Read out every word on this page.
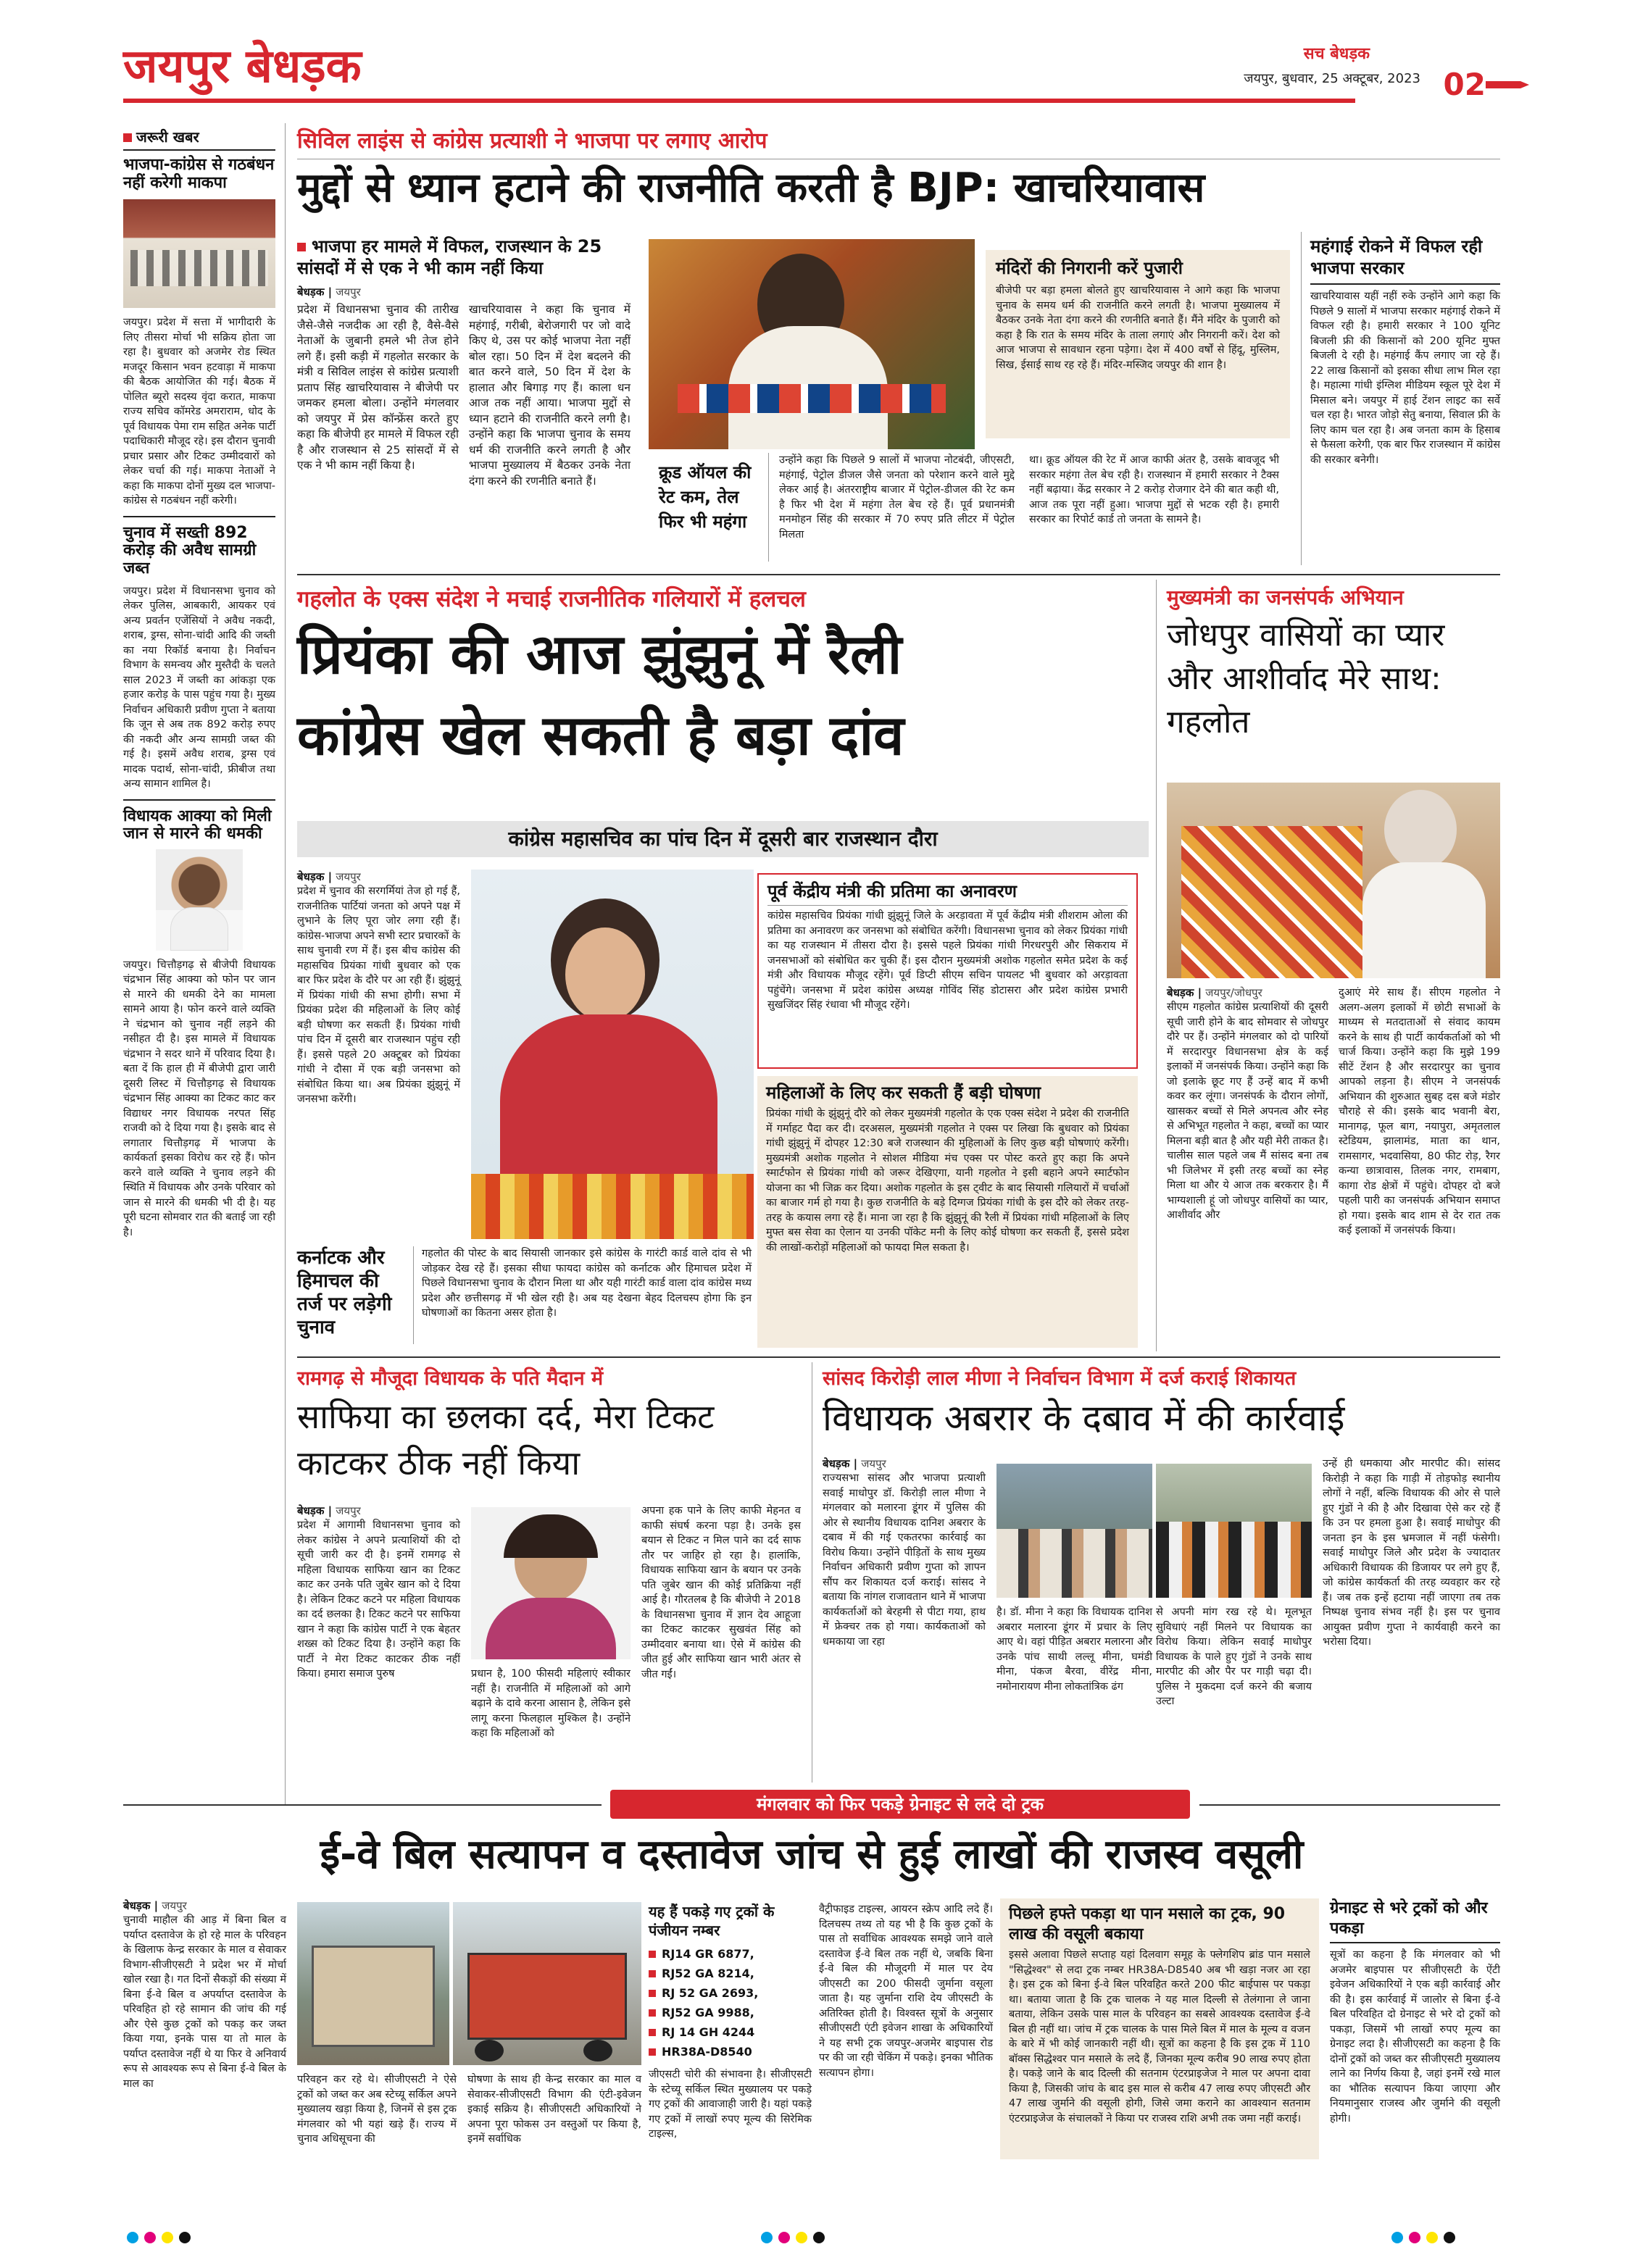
जयपुर बेधड़क	सच बेधड़क
जयपुर, बुधवार, 25 अक्टूबर, 2023 02
जरूरी खबर
भाजपा-कांग्रेस से गठबंधन नहीं करेगी माकपा
जयपुर। प्रदेश में सत्ता में भागीदारी के लिए तीसरा मोर्चा भी सक्रिय होता जा रहा है। बुधवार को अजमेर रोड स्थित मजदूर किसान भवन हटवाड़ा में माकपा की बैठक आयोजित की गई। बैठक में पोलित ब्यूरो सदस्य वृंदा करात, माकपा राज्य सचिव कॉमरेड अमराराम, धोद के पूर्व विधायक पेमा राम सहित अनेक पार्टी पदाधिकारी मौजूद रहे। इस दौरान चुनावी प्रचार प्रसार और टिकट उम्मीदवारों को लेकर चर्चा की गई। माकपा नेताओं ने कहा कि माकपा दोनों मुख्य दल भाजपा-कांग्रेस से गठबंधन नहीं करेगी।
चुनाव में सख्ती 892 करोड़ की अवैध सामग्री जब्त
जयपुर। प्रदेश में विधानसभा चुनाव को लेकर पुलिस, आबकारी, आयकर एवं अन्य प्रवर्तन एजेंसियों ने अवैध नकदी, शराब, ड्रग्स, सोना-चांदी आदि की जब्ती का नया रिकॉर्ड बनाया है। निर्वाचन विभाग के समन्वय और मुस्तैदी के चलते साल 2023 में जब्ती का आंकड़ा एक हजार करोड़ के पास पहुंच गया है। मुख्य निर्वाचन अधिकारी प्रवीण गुप्ता ने बताया कि जून से अब तक 892 करोड़ रुपए की नकदी और अन्य सामग्री जब्त की गई है। इसमें अवैध शराब, ड्रग्स एवं मादक पदार्थ, सोना-चांदी, फ्रीबीज तथा अन्य सामान शामिल है।
विधायक आक्या को मिली जान से मारने की धमकी
जयपुर। चित्तौड़गढ़ से बीजेपी विधायक चंद्रभान सिंह आक्या को फोन पर जान से मारने की धमकी देने का मामला सामने आया है। फोन करने वाले व्यक्ति ने चंद्रभान को चुनाव नहीं लड़ने की नसीहत दी है। इस मामले में विधायक चंद्रभान ने सदर थाने में परिवाद दिया है। बता दें कि हाल ही में बीजेपी द्वारा जारी दूसरी लिस्ट में चित्तौड़गढ़ से विधायक चंद्रभान सिंह आक्या का टिकट काट कर विद्याधर नगर विधायक नरपत सिंह राजवी को दे दिया गया है। इसके बाद से लगातार चित्तौड़गढ़ में भाजपा के कार्यकर्ता इसका विरोध कर रहे हैं। फोन करने वाले व्यक्ति ने चुनाव लड़ने की स्थिति में विधायक और उनके परिवार को जान से मारने की धमकी भी दी है। यह पूरी घटना सोमवार रात की बताई जा रही है।
सिविल लाइंस से कांग्रेस प्रत्याशी ने भाजपा पर लगाए आरोप
मुद्दों से ध्यान हटाने की राजनीति करती है BJP: खाचरियावास
भाजपा हर मामले में विफल, राजस्थान के 25 सांसदों में से एक ने भी काम नहीं किया
बेधड़क | जयपुर
प्रदेश में विधानसभा चुनाव की तारीख जैसे-जैसे नजदीक आ रही है, वैसे-वैसे नेताओं के जुबानी हमले भी तेज होने लगे हैं। इसी कड़ी में गहलोत सरकार के मंत्री व सिविल लाइंस से कांग्रेस प्रत्याशी प्रताप सिंह खाचरियावास ने बीजेपी पर जमकर हमला बोला। उन्होंने मंगलवार को जयपुर में प्रेस कॉन्फ्रेंस करते हुए कहा कि बीजेपी हर मामले में विफल रही है और राजस्थान से 25 सांसदों में से एक ने भी काम नहीं किया है।
खाचरियावास ने कहा कि चुनाव में महंगाई, गरीबी, बेरोजगारी पर जो वादे किए थे, उस पर कोई भाजपा नेता नहीं बोल रहा। 50 दिन में देश बदलने की बात करने वाले, 50 दिन में देश के हालात और बिगाड़ गए हैं। काला धन आज तक नहीं आया। भाजपा मुद्दों से ध्यान हटाने की राजनीति करने लगी है। उन्होंने कहा कि भाजपा चुनाव के समय धर्म की राजनीति करने लगती है और भाजपा मुख्यालय में बैठकर उनके नेता दंगा करने की रणनीति बनाते हैं।	क्रूड ऑयल की रेट कम, तेल फिर भी महंगा
उन्होंने कहा कि पिछले 9 सालों में भाजपा नोटबंदी, जीएसटी, महंगाई, पेट्रोल डीजल जैसे जनता को परेशान करने वाले मुद्दे लेकर आई है। अंतरराष्ट्रीय बाजार में पेट्रोल-डीजल की रेट कम है फिर भी देश में महंगा तेल बेच रहे हैं। पूर्व प्रधानमंत्री मनमोहन सिंह की सरकार में 70 रुपए प्रति लीटर में पेट्रोल मिलता
था। क्रूड ऑयल की रेट में आज काफी अंतर है, उसके बावजूद भी सरकार महंगा तेल बेच रही है। राजस्थान में हमारी सरकार ने टैक्स नहीं बढ़ाया। केंद्र सरकार ने 2 करोड़ रोजगार देने की बात कही थी, आज तक पूरा नहीं हुआ। भाजपा मुद्दों से भटक रही है। हमारी सरकार का रिपोर्ट कार्ड तो जनता के सामने है।
मंदिरों की निगरानी करें पुजारी
बीजेपी पर बड़ा हमला बोलते हुए खाचरियावास ने आगे कहा कि भाजपा चुनाव के समय धर्म की राजनीति करने लगती है। भाजपा मुख्यालय में बैठकर उनके नेता दंगा करने की रणनीति बनाते हैं। मैंने मंदिर के पुजारी को कहा है कि रात के समय मंदिर के ताला लगाएं और निगरानी करें। देश को आज भाजपा से सावधान रहना पड़ेगा। देश में 400 वर्षों से हिंदू, मुस्लिम, सिख, ईसाई साथ रह रहे हैं। मंदिर-मस्जिद जयपुर की शान है।
महंगाई रोकने में विफल रही भाजपा सरकार
खाचरियावास यहीं नहीं रुके उन्होंने आगे कहा कि पिछले 9 सालों में भाजपा सरकार महंगाई रोकने में विफल रही है। हमारी सरकार ने 100 यूनिट बिजली फ्री की किसानों को 200 यूनिट मुफ्त बिजली दे रही है। महंगाई कैंप लगाए जा रहे हैं। 22 लाख किसानों को इसका सीधा लाभ मिल रहा है। महात्मा गांधी इंग्लिश मीडियम स्कूल पूरे देश में मिसाल बने। जयपुर में हाई टेंशन लाइट का सर्वे चल रहा है। भारत जोड़ो सेतु बनाया, सिवाल फ्री के लिए काम चल रहा है। अब जनता काम के हिसाब से फैसला करेगी, एक बार फिर राजस्थान में कांग्रेस की सरकार बनेगी।
गहलोत के एक्स संदेश ने मचाई राजनीतिक गलियारों में हलचल
प्रियंका की आज झुंझुनूं में रैली
कांग्रेस खेल सकती है बड़ा दांव
कांग्रेस महासचिव का पांच दिन में दूसरी बार राजस्थान दौरा
बेधड़क | जयपुर
प्रदेश में चुनाव की सरगर्मियां तेज हो गई हैं, राजनीतिक पार्टियां जनता को अपने पक्ष में लुभाने के लिए पूरा जोर लगा रही हैं। कांग्रेस-भाजपा अपने सभी स्टार प्रचारकों के साथ चुनावी रण में हैं। इस बीच कांग्रेस की महासचिव प्रियंका गांधी बुधवार को एक बार फिर प्रदेश के दौरे पर आ रही हैं। झुंझुनूं में प्रियंका गांधी की सभा होगी। सभा में प्रियंका प्रदेश की महिलाओं के लिए कोई बड़ी घोषणा कर सकती हैं। प्रियंका गांधी पांच दिन में दूसरी बार राजस्थान पहुंच रही हैं। इससे पहले 20 अक्टूबर को प्रियंका गांधी ने दौसा में एक बड़ी जनसभा को संबोधित किया था। अब प्रियंका झुंझुनूं में जनसभा करेंगी।
पूर्व केंद्रीय मंत्री की प्रतिमा का अनावरण
कांग्रेस महासचिव प्रियंका गांधी झुंझुनूं जिले के अरड़ावता में पूर्व केंद्रीय मंत्री शीशराम ओला की प्रतिमा का अनावरण कर जनसभा को संबोधित करेंगी। विधानसभा चुनाव को लेकर प्रियंका गांधी का यह राजस्थान में तीसरा दौरा है। इससे पहले प्रियंका गांधी गिरधरपुरी और सिकराय में जनसभाओं को संबोधित कर चुकी हैं। इस दौरान मुख्यमंत्री अशोक गहलोत समेत प्रदेश के कई मंत्री और विधायक मौजूद रहेंगे। पूर्व डिप्टी सीएम सचिन पायलट भी बुधवार को अरड़ावता पहुंचेंगे। जनसभा में प्रदेश कांग्रेस अध्यक्ष गोविंद सिंह डोटासरा और प्रदेश कांग्रेस प्रभारी सुखजिंदर सिंह रंधावा भी मौजूद रहेंगे।
महिलाओं के लिए कर सकती हैं बड़ी घोषणा
प्रियंका गांधी के झुंझुनूं दौरे को लेकर मुख्यमंत्री गहलोत के एक एक्स संदेश ने प्रदेश की राजनीति में गर्माहट पैदा कर दी। दरअसल, मुख्यमंत्री गहलोत ने एक्स पर लिखा कि बुधवार को प्रियंका गांधी झुंझुनूं में दोपहर 12:30 बजे राजस्थान की मुहिलाओं के लिए कुछ बड़ी घोषणाएं करेंगी। मुख्यमंत्री अशोक गहलोत ने सोशल मीडिया मंच एक्स पर पोस्ट करते हुए कहा कि अपने स्मार्टफोन से प्रियंका गांधी को जरूर देखिएगा, यानी गहलोत ने इसी बहाने अपने स्मार्टफोन योजना का भी जिक्र कर दिया। अशोक गहलोत के इस ट्वीट के बाद सियासी गलियारों में चर्चाओं का बाजार गर्म हो गया है। कुछ राजनीति के बड़े दिग्गज प्रियंका गांधी के इस दौरे को लेकर तरह-तरह के कयास लगा रहे हैं। माना जा रहा है कि झुंझुनूं की रैली में प्रियंका गांधी महिलाओं के लिए मुफ्त बस सेवा का ऐलान या उनकी पॉकेट मनी के लिए कोई घोषणा कर सकती हैं, इससे प्रदेश की लाखों-करोड़ों महिलाओं को फायदा मिल सकता है।
कर्नाटक और हिमाचल की तर्ज पर लड़ेगी चुनाव
गहलोत की पोस्ट के बाद सियासी जानकार इसे कांग्रेस के गारंटी कार्ड वाले दांव से भी जोड़कर देख रहे हैं। इसका सीधा फायदा कांग्रेस को कर्नाटक और हिमाचल प्रदेश में पिछले विधानसभा चुनाव के दौरान मिला था और यही गारंटी कार्ड वाला दांव कांग्रेस मध्य प्रदेश और छत्तीसगढ़ में भी खेल रही है। अब यह देखना बेहद दिलचस्प होगा कि इन घोषणाओं का कितना असर होता है।
मुख्यमंत्री का जनसंपर्क अभियान
जोधपुर वासियों का प्यार और आशीर्वाद मेरे साथ: गहलोत
बेधड़क | जयपुर/जोधपुर
सीएम गहलोत कांग्रेस प्रत्याशियों की दूसरी सूची जारी होने के बाद सोमवार से जोधपुर दौरे पर हैं। उन्होंने मंगलवार को दो पारियों में सरदारपुर विधानसभा क्षेत्र के कई इलाकों में जनसंपर्क किया। उन्होंने कहा कि जो इलाके छूट गए हैं उन्हें बाद में कभी कवर कर लूंगा। जनसंपर्क के दौरान लोगों, खासकर बच्चों से मिले अपनत्व और स्नेह से अभिभूत गहलोत ने कहा, बच्चों का प्यार मिलना बड़ी बात है और यही मेरी ताकत है। चालीस साल पहले जब मैं सांसद बना तब भी जिलेभर में इसी तरह बच्चों का स्नेह मिला था और ये आज तक बरकरार है। मैं भाग्यशाली हूं जो जोधपुर वासियों का प्यार, आशीर्वाद और
दुआएं मेरे साथ हैं। सीएम गहलोत ने अलग-अलग इलाकों में छोटी सभाओं के माध्यम से मतदाताओं से संवाद कायम करने के साथ ही पार्टी कार्यकर्ताओं को भी चार्ज किया। उन्होंने कहा कि मुझे 199 सीटें टेंशन है और सरदारपुर का चुनाव आपको लड़ना है। सीएम ने जनसंपर्क अभियान की शुरुआत सुबह दस बजे मंडोर चौराहे से की। इसके बाद भवानी बेरा, मानागढ़, फूल बाग, नयापुरा, अमृतलाल स्टेडियम, झालामंड, माता का थान, रामसागर, भदवासिया, 80 फीट रोड़, रैगर कन्या छात्रावास, तिलक नगर, रामबाग, कागा रोड क्षेत्रों में पहुंचे। दोपहर दो बजे पहली पारी का जनसंपर्क अभियान समाप्त हो गया। इसके बाद शाम से देर रात तक कई इलाकों में जनसंपर्क किया।
रामगढ़ से मौजूदा विधायक के पति मैदान में
साफिया का छलका दर्द, मेरा टिकट काटकर ठीक नहीं किया
बेधड़क | जयपुर
प्रदेश में आगामी विधानसभा चुनाव को लेकर कांग्रेस ने अपने प्रत्याशियों की दो सूची जारी कर दी है। इनमें रामगढ़ से महिला विधायक साफिया खान का टिकट काट कर उनके पति जुबेर खान को दे दिया है। लेकिन टिकट कटने पर महिला विधायक का दर्द छलका है। टिकट कटने पर साफिया खान ने कहा कि कांग्रेस पार्टी ने एक बेहतर शख्स को टिकट दिया है। उन्होंने कहा कि पार्टी ने मेरा टिकट काटकर ठीक नहीं किया। हमारा समाज पुरुष	प्रधान है, 100 फीसदी महिलाएं स्वीकार नहीं है। राजनीति में महिलाओं को आगे बढ़ाने के दावे करना आसान है, लेकिन इसे लागू करना फिलहाल मुश्किल है। उन्होंने कहा कि महिलाओं को
अपना हक पाने के लिए काफी मेहनत व काफी संघर्ष करना पड़ा है। उनके इस बयान से टिकट न मिल पाने का दर्द साफ तौर पर जाहिर हो रहा है। हालांकि, विधायक साफिया खान के बयान पर उनके पति जुबेर खान की कोई प्रतिक्रिया नहीं आई है। गौरतलब है कि बीजेपी ने 2018 के विधानसभा चुनाव में ज्ञान देव आहूजा का टिकट काटकर सुखवंत सिंह को उम्मीदवार बनाया था। ऐसे में कांग्रेस की जीत हुई और साफिया खान भारी अंतर से जीत गईं।
सांसद किरोड़ी लाल मीणा ने निर्वाचन विभाग में दर्ज कराई शिकायत
विधायक अबरार के दबाव में की कार्रवाई
बेधड़क | जयपुर
राज्यसभा सांसद और भाजपा प्रत्याशी सवाई माधोपुर डॉ. किरोड़ी लाल मीणा ने मंगलवार को मलारना डूंगर में पुलिस की ओर से स्थानीय विधायक दानिश अबरार के दबाव में की गई एकतरफा कार्रवाई का विरोध किया। उन्होंने पीड़ितों के साथ मुख्य निर्वाचन अधिकारी प्रवीण गुप्ता को ज्ञापन सौंप कर शिकायत दर्ज कराई। सांसद ने बताया कि नांगल राजावतान थाने में भाजपा कार्यकर्ताओं को बेरहमी से पीटा गया, हाथ में फ्रेक्चर तक हो गया। कार्यकताओं को धमकाया जा रहा
है। डॉ. मीना ने कहा कि विधायक दानिश अबरार मलारना डूंगर में प्रचार के लिए आए थे। वहां पीड़ित अबरार मलारना और उनके पांच साथी लल्लू मीना, घमंडी मीना, पंकज बैरवा, वीरेंद्र मीना, नमोनारायण मीना लोकतांत्रिक ढंग
से अपनी मांग रख रहे थे। मूलभूत सुविधाएं नहीं मिलने पर विधायक का विरोध किया। लेकिन सवाई माधोपुर विधायक के पाले हुए गुंडों ने उनके साथ मारपीट की और पैर पर गाड़ी चढ़ा दी। पुलिस ने मुकदमा दर्ज करने की बजाय उल्टा
उन्हें ही धमकाया और मारपीट की। सांसद किरोड़ी ने कहा कि गाड़ी में तोड़फोड़ स्थानीय लोगों ने नहीं, बल्कि विधायक की ओर से पाले हुए गुंडों ने की है और दिखावा ऐसे कर रहे हैं कि उन पर हमला हुआ है। सवाई माधोपुर की जनता इन के इस भ्रमजाल में नहीं फंसेगी। सवाई माधोपुर जिले और प्रदेश के ज्यादातर अधिकारी विधायक की डिजायर पर लगे हुए हैं, जो कांग्रेस कार्यकर्ता की तरह व्यवहार कर रहे हैं। जब तक इन्हें हटाया नहीं जाएगा तब तक निष्पक्ष चुनाव संभव नहीं है। इस पर चुनाव आयुक्त प्रवीण गुप्ता ने कार्यवाही करने का भरोसा दिया।
मंगलवार को फिर पकड़े ग्रेनाइट से लदे दो ट्रक
ई-वे बिल सत्यापन व दस्तावेज जांच से हुई लाखों की राजस्व वसूली
बेधड़क | जयपुर
चुनावी माहौल की आड़ में बिना बिल व पर्याप्त दस्तावेज के हो रहे माल के परिवहन के खिलाफ केन्द्र सरकार के माल व सेवाकर विभाग-सीजीएसटी ने प्रदेश भर में मोर्चा खोल रखा है। गत दिनों सैकड़ों की संख्या में बिना ई-वे बिल व अपर्याप्त दस्तावेज के परिवहित हो रहे सामान की जांच की गई और ऐसे कुछ ट्रकों को पकड़ कर जब्त किया गया, इनके पास या तो माल के पर्याप्त दस्तावेज नहीं थे या फिर वे अनिवार्य रूप से आवश्यक रूप से बिना ई-वे बिल के माल का	परिवहन कर रहे थे। सीजीएसटी ने ऐसे ट्रकों को जब्त कर अब स्टेच्यू सर्किल अपने मुख्यालय खड़ा किया है, जिनमें से इस ट्रक मंगलवार को भी यहां खड़े हैं। राज्य में चुनाव अधिसूचना की
घोषणा के साथ ही केन्द्र सरकार का माल व सेवाकर-सीजीएसटी विभाग की एंटी-इवेजन इकाई सक्रिय है। सीजीएसटी अधिकारियों ने अपना पूरा फोकस उन वस्तुओं पर किया है, इनमें सर्वाधिक
यह हैं पकड़े गए ट्रकों के पंजीयन नम्बर
RJ14 GR 6877,
RJ52 GA 8214,
RJ 52 GA 2693,
RJ52 GA 9988,
RJ 14 GH 4244
HR38A-D8540
जीएसटी चोरी की संभावना है। सीजीएसटी के स्टेच्यू सर्किल स्थित मुख्यालय पर पकड़े गए ट्रकों की आवाजाही जारी है। यहां पकड़े गए ट्रकों में लाखों रुपए मूल्य की सिरेमिक टाइल्स,
वैट्रीफाइड टाइल्स, आयरन स्क्रेप आदि लदे हैं। दिलचस्प तथ्य तो यह भी है कि कुछ ट्रकों के पास तो सर्वाधिक आवश्यक समझे जाने वाले दस्तावेज ई-वे बिल तक नहीं थे, जबकि बिना ई-वे बिल की मौजूदगी में माल पर देय जीएसटी का 200 फीसदी जुर्माना वसूला जाता है। यह जुर्माना राशि देय जीएसटी के अतिरिक्त होती है। विश्वस्त सूत्रों के अनुसार सीजीएसटी एंटी इवेजन शाखा के अधिकारियों ने यह सभी ट्रक जयपुर-अजमेर बाइपास रोड पर की जा रही चेकिंग में पकड़े। इनका भौतिक सत्यापन होगा।
पिछले हफ्ते पकड़ा था पान मसाले का ट्रक, 90 लाख की वसूली बकाया
इससे अलावा पिछले सप्ताह यहां दिलवाग समूह के फ्लेगशिप ब्रांड पान मसाले "सिद्धेश्वर" से लदा ट्रक नम्बर HR38A-D8540 अब भी खड़ा नजर आ रहा है। इस ट्रक को बिना ई-वे बिल परिवहित करते 200 फीट बाईपास पर पकड़ा था। बताया जाता है कि ट्रक चालक ने यह माल दिल्ली से तेलंगाना ले जाना बताया, लेकिन उसके पास माल के परिवहन का सबसे आवश्यक दस्तावेज ई-वे बिल ही नहीं था। जांच में ट्रक चालक के पास मिले बिल में माल के मूल्य व वजन के बारे में भी कोई जानकारी नहीं थी। सूत्रों का कहना है कि इस ट्रक में 110 बॉक्स सिद्धेश्वर पान मसाले के लदे हैं, जिनका मूल्य करीब 90 लाख रुपए होता है। पकड़े जाने के बाद दिल्ली की सतनाम एंटरप्राइजेज ने माल पर अपना दावा किया है, जिसकी जांच के बाद इस माल से करीब 47 लाख रुपए जीएसटी और 47 लाख जुर्माने की वसूली होगी, जिसे जमा कराने का आवश्यान सतनाम एंटरप्राइजेज के संचालकों ने किया पर राजस्व राशि अभी तक जमा नहीं कराई।
ग्रेनाइट से भरे ट्रकों को और पकड़ा
सूत्रों का कहना है कि मंगलवार को भी अजमेर बाइपास पर सीजीएसटी के ऐंटी इवेजन अधिकारियों ने एक बड़ी कार्रवाई और की है। इस कार्रवाई में जालोर से बिना ई-वे बिल परिवहित दो ग्रेनाइट से भरे दो ट्रकों को पकड़ा, जिसमें भी लाखों रुपए मूल्य का ग्रेनाइट लदा है। सीजीएसटी का कहना है कि दोनों ट्रकों को जब्त कर सीजीएसटी मुख्यालय लाने का निर्णय किया है, जहां इनमें रखे माल का भौतिक सत्यापन किया जाएगा और नियमानुसार राजस्व और जुर्माने की वसूली होगी।
